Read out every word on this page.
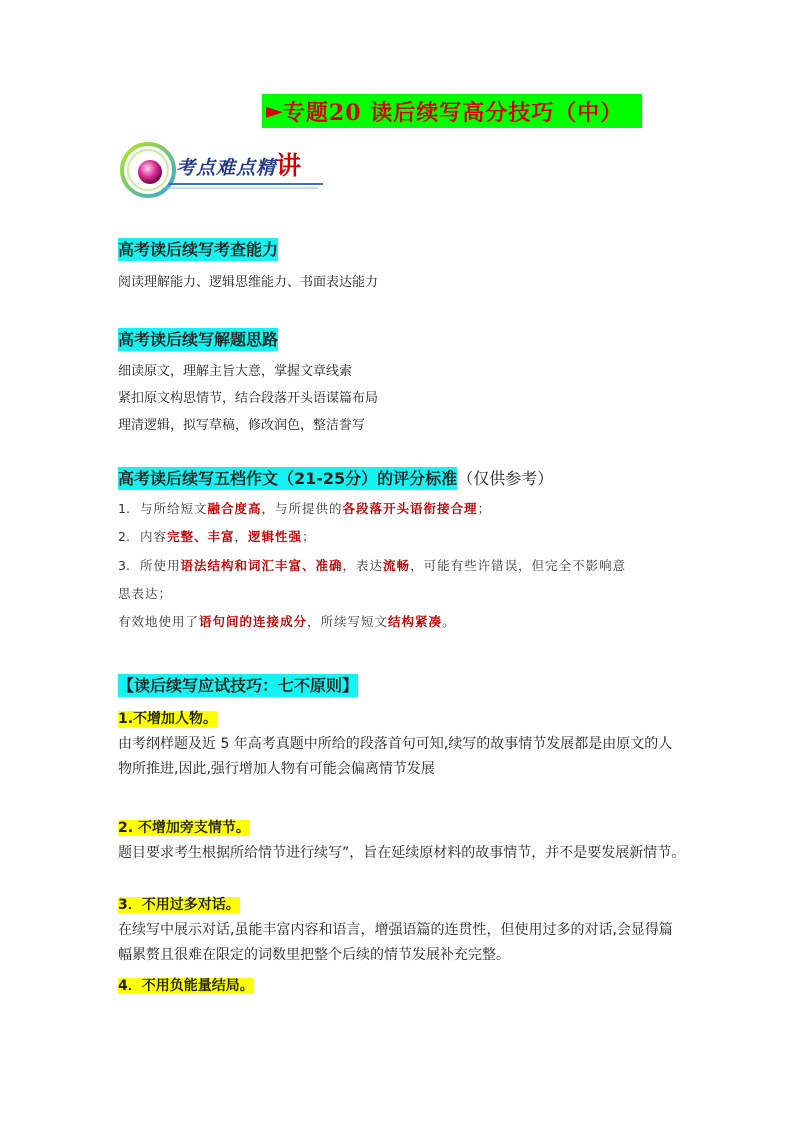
► 专题20 读后续写高分技巧（中）
考点难点精讲
高考读后续写考查能力
阅读理解能力、逻辑思维能力、书面表达能力
高考读后续写解题思路
细读原文，理解主旨大意，掌握文章线索
紧扣原文构思情节，结合段落开头语谋篇布局
理清逻辑，拟写草稿，修改润色，整洁誊写
高考读后续写五档作文（21-25分）的评分标准（仅供参考）
1. 与所给短文融合度高，与所提供的各段落开头语衔接合理；
2. 内容完整、丰富，逻辑性强；
3. 所使用语法结构和词汇丰富、准确，表达流畅，可能有些许错误，但完全不影响意
思表达；
有效地使用了语句间的连接成分，所续写短文结构紧凑。
【读后续写应试技巧：七不原则】
1.不增加人物。
由考纲样题及近 5 年高考真题中所给的段落首句可知,续写的故事情节发展都是由原文的人物所推进,因此,强行增加人物有可能会偏离情节发展
2. 不增加旁支情节。
题目要求考生根据所给情节进行续写”，旨在延续原材料的故事情节，并不是要发展新情节。
3．不用过多对话。
在续写中展示对话,虽能丰富内容和语言，增强语篇的连贯性，但使用过多的对话,会显得篇幅累赘且很难在限定的词数里把整个后续的情节发展补充完整。
4．不用负能量结局。
